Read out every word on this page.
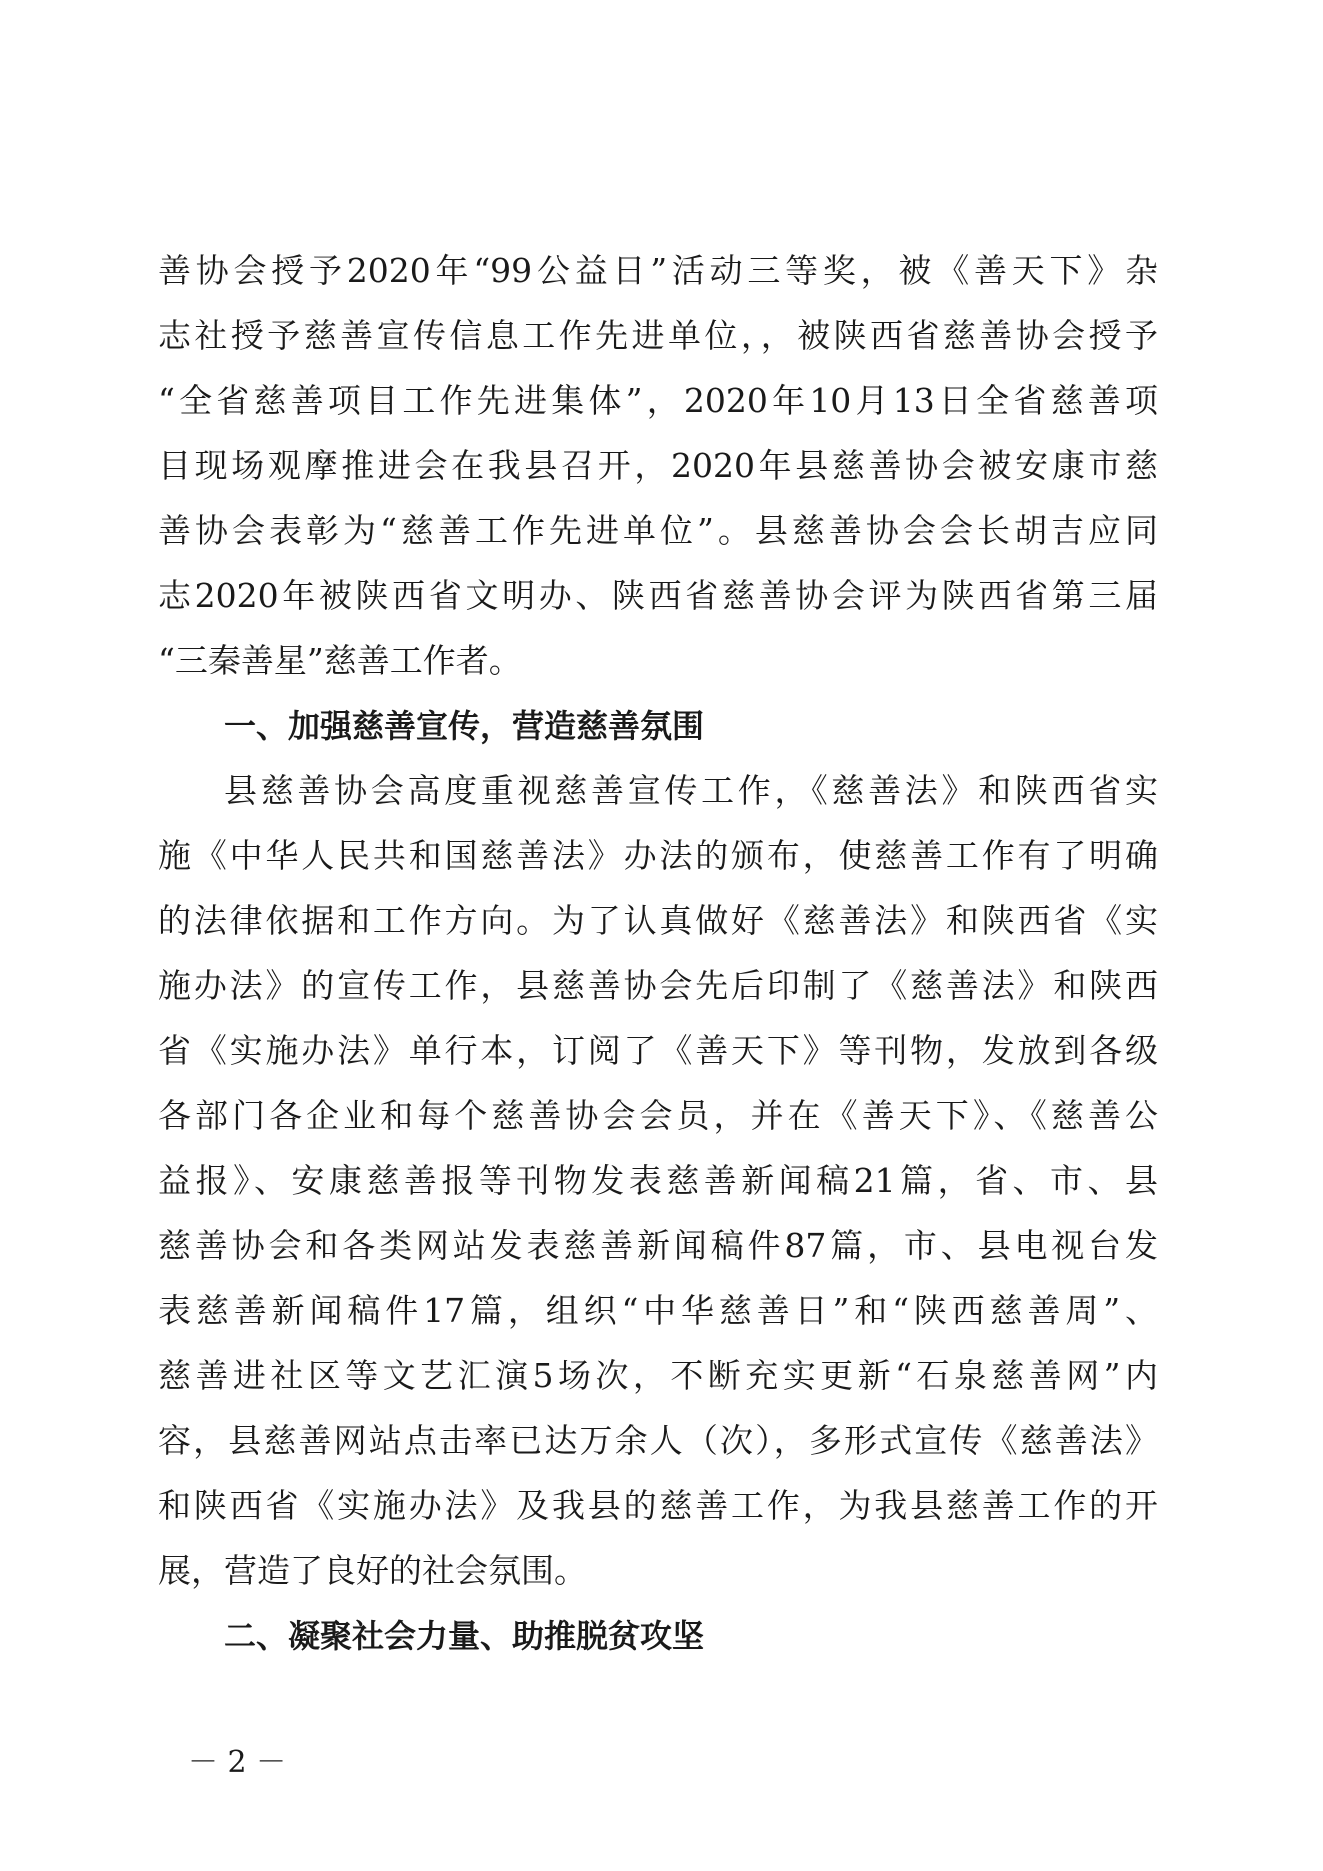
善协会授予2020年“99公益日”活动三等奖，被《善天下》杂
志社授予慈善宣传信息工作先进单位，，被陕西省慈善协会授予
“全省慈善项目工作先进集体”，2020年10月13日全省慈善项
目现场观摩推进会在我县召开，2020年县慈善协会被安康市慈
善协会表彰为“慈善工作先进单位”。县慈善协会会长胡吉应同
志2020年被陕西省文明办、陕西省慈善协会评为陕西省第三届
“三秦善星”慈善工作者。
一、加强慈善宣传，营造慈善氛围
县慈善协会高度重视慈善宣传工作，《慈善法》和陕西省实
施《中华人民共和国慈善法》办法的颁布，使慈善工作有了明确
的法律依据和工作方向。为了认真做好《慈善法》和陕西省《实
施办法》的宣传工作，县慈善协会先后印制了《慈善法》和陕西
省《实施办法》单行本，订阅了《善天下》等刊物，发放到各级
各部门各企业和每个慈善协会会员，并在《善天下》、《慈善公
益报》、安康慈善报等刊物发表慈善新闻稿21篇，省、市、县
慈善协会和各类网站发表慈善新闻稿件87篇，市、县电视台发
表慈善新闻稿件17篇，组织“中华慈善日”和“陕西慈善周”、
慈善进社区等文艺汇演5场次，不断充实更新“石泉慈善网”内
容，县慈善网站点击率已达万余人（次），多形式宣传《慈善法》
和陕西省《实施办法》及我县的慈善工作，为我县慈善工作的开
展，营造了良好的社会氛围。
二、凝聚社会力量、助推脱贫攻坚
－ 2 －
